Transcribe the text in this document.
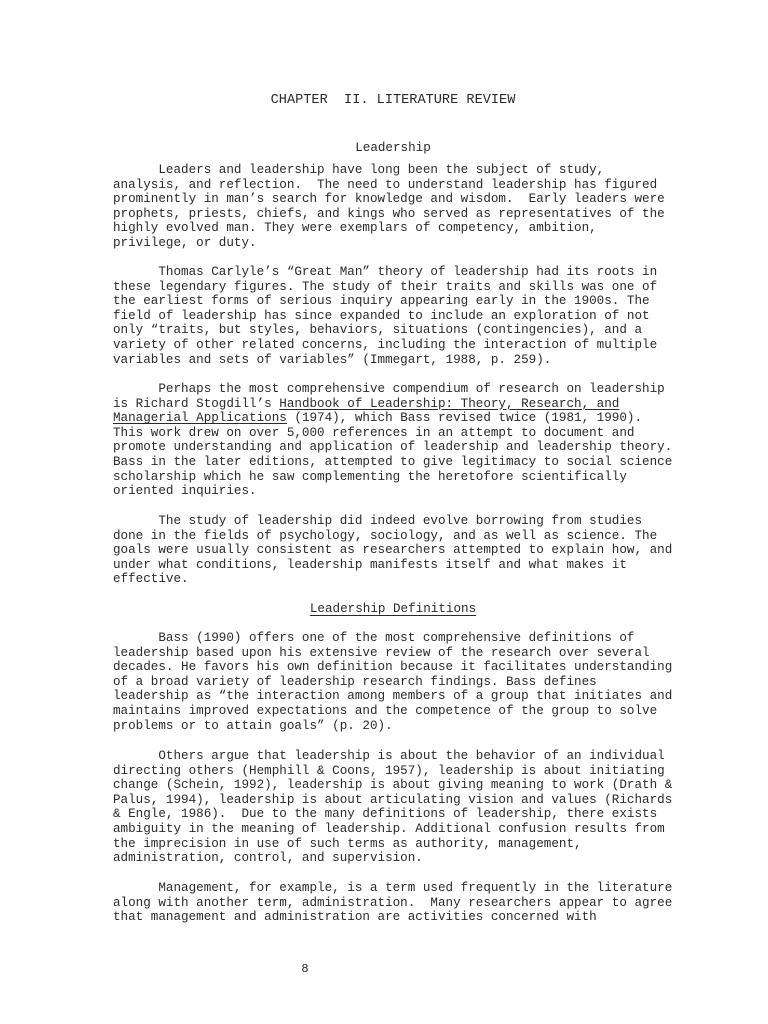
CHAPTER  II. LITERATURE REVIEW
Leadership
Leaders and leadership have long been the subject of study,
analysis, and reflection.  The need to understand leadership has figured
prominently in man’s search for knowledge and wisdom.  Early leaders were
prophets, priests, chiefs, and kings who served as representatives of the
highly evolved man. They were exemplars of competency, ambition,
privilege, or duty.
Thomas Carlyle’s “Great Man” theory of leadership had its roots in
these legendary figures. The study of their traits and skills was one of
the earliest forms of serious inquiry appearing early in the 1900s. The
field of leadership has since expanded to include an exploration of not
only “traits, but styles, behaviors, situations (contingencies), and a
variety of other related concerns, including the interaction of multiple
variables and sets of variables” (Immegart, 1988, p. 259).
Perhaps the most comprehensive compendium of research on leadership
is Richard Stogdill’s Handbook of Leadership: Theory, Research, and
Managerial Applications (1974), which Bass revised twice (1981, 1990).
This work drew on over 5,000 references in an attempt to document and
promote understanding and application of leadership and leadership theory.
Bass in the later editions, attempted to give legitimacy to social science
scholarship which he saw complementing the heretofore scientifically
oriented inquiries.
The study of leadership did indeed evolve borrowing from studies
done in the fields of psychology, sociology, and as well as science. The
goals were usually consistent as researchers attempted to explain how, and
under what conditions, leadership manifests itself and what makes it
effective.
Leadership Definitions
Bass (1990) offers one of the most comprehensive definitions of
leadership based upon his extensive review of the research over several
decades. He favors his own definition because it facilitates understanding
of a broad variety of leadership research findings. Bass defines
leadership as “the interaction among members of a group that initiates and
maintains improved expectations and the competence of the group to solve
problems or to attain goals” (p. 20).
Others argue that leadership is about the behavior of an individual
directing others (Hemphill & Coons, 1957), leadership is about initiating
change (Schein, 1992), leadership is about giving meaning to work (Drath &
Palus, 1994), leadership is about articulating vision and values (Richards
& Engle, 1986).  Due to the many definitions of leadership, there exists
ambiguity in the meaning of leadership. Additional confusion results from
the imprecision in use of such terms as authority, management,
administration, control, and supervision.
Management, for example, is a term used frequently in the literature
along with another term, administration.  Many researchers appear to agree
that management and administration are activities concerned with
8
